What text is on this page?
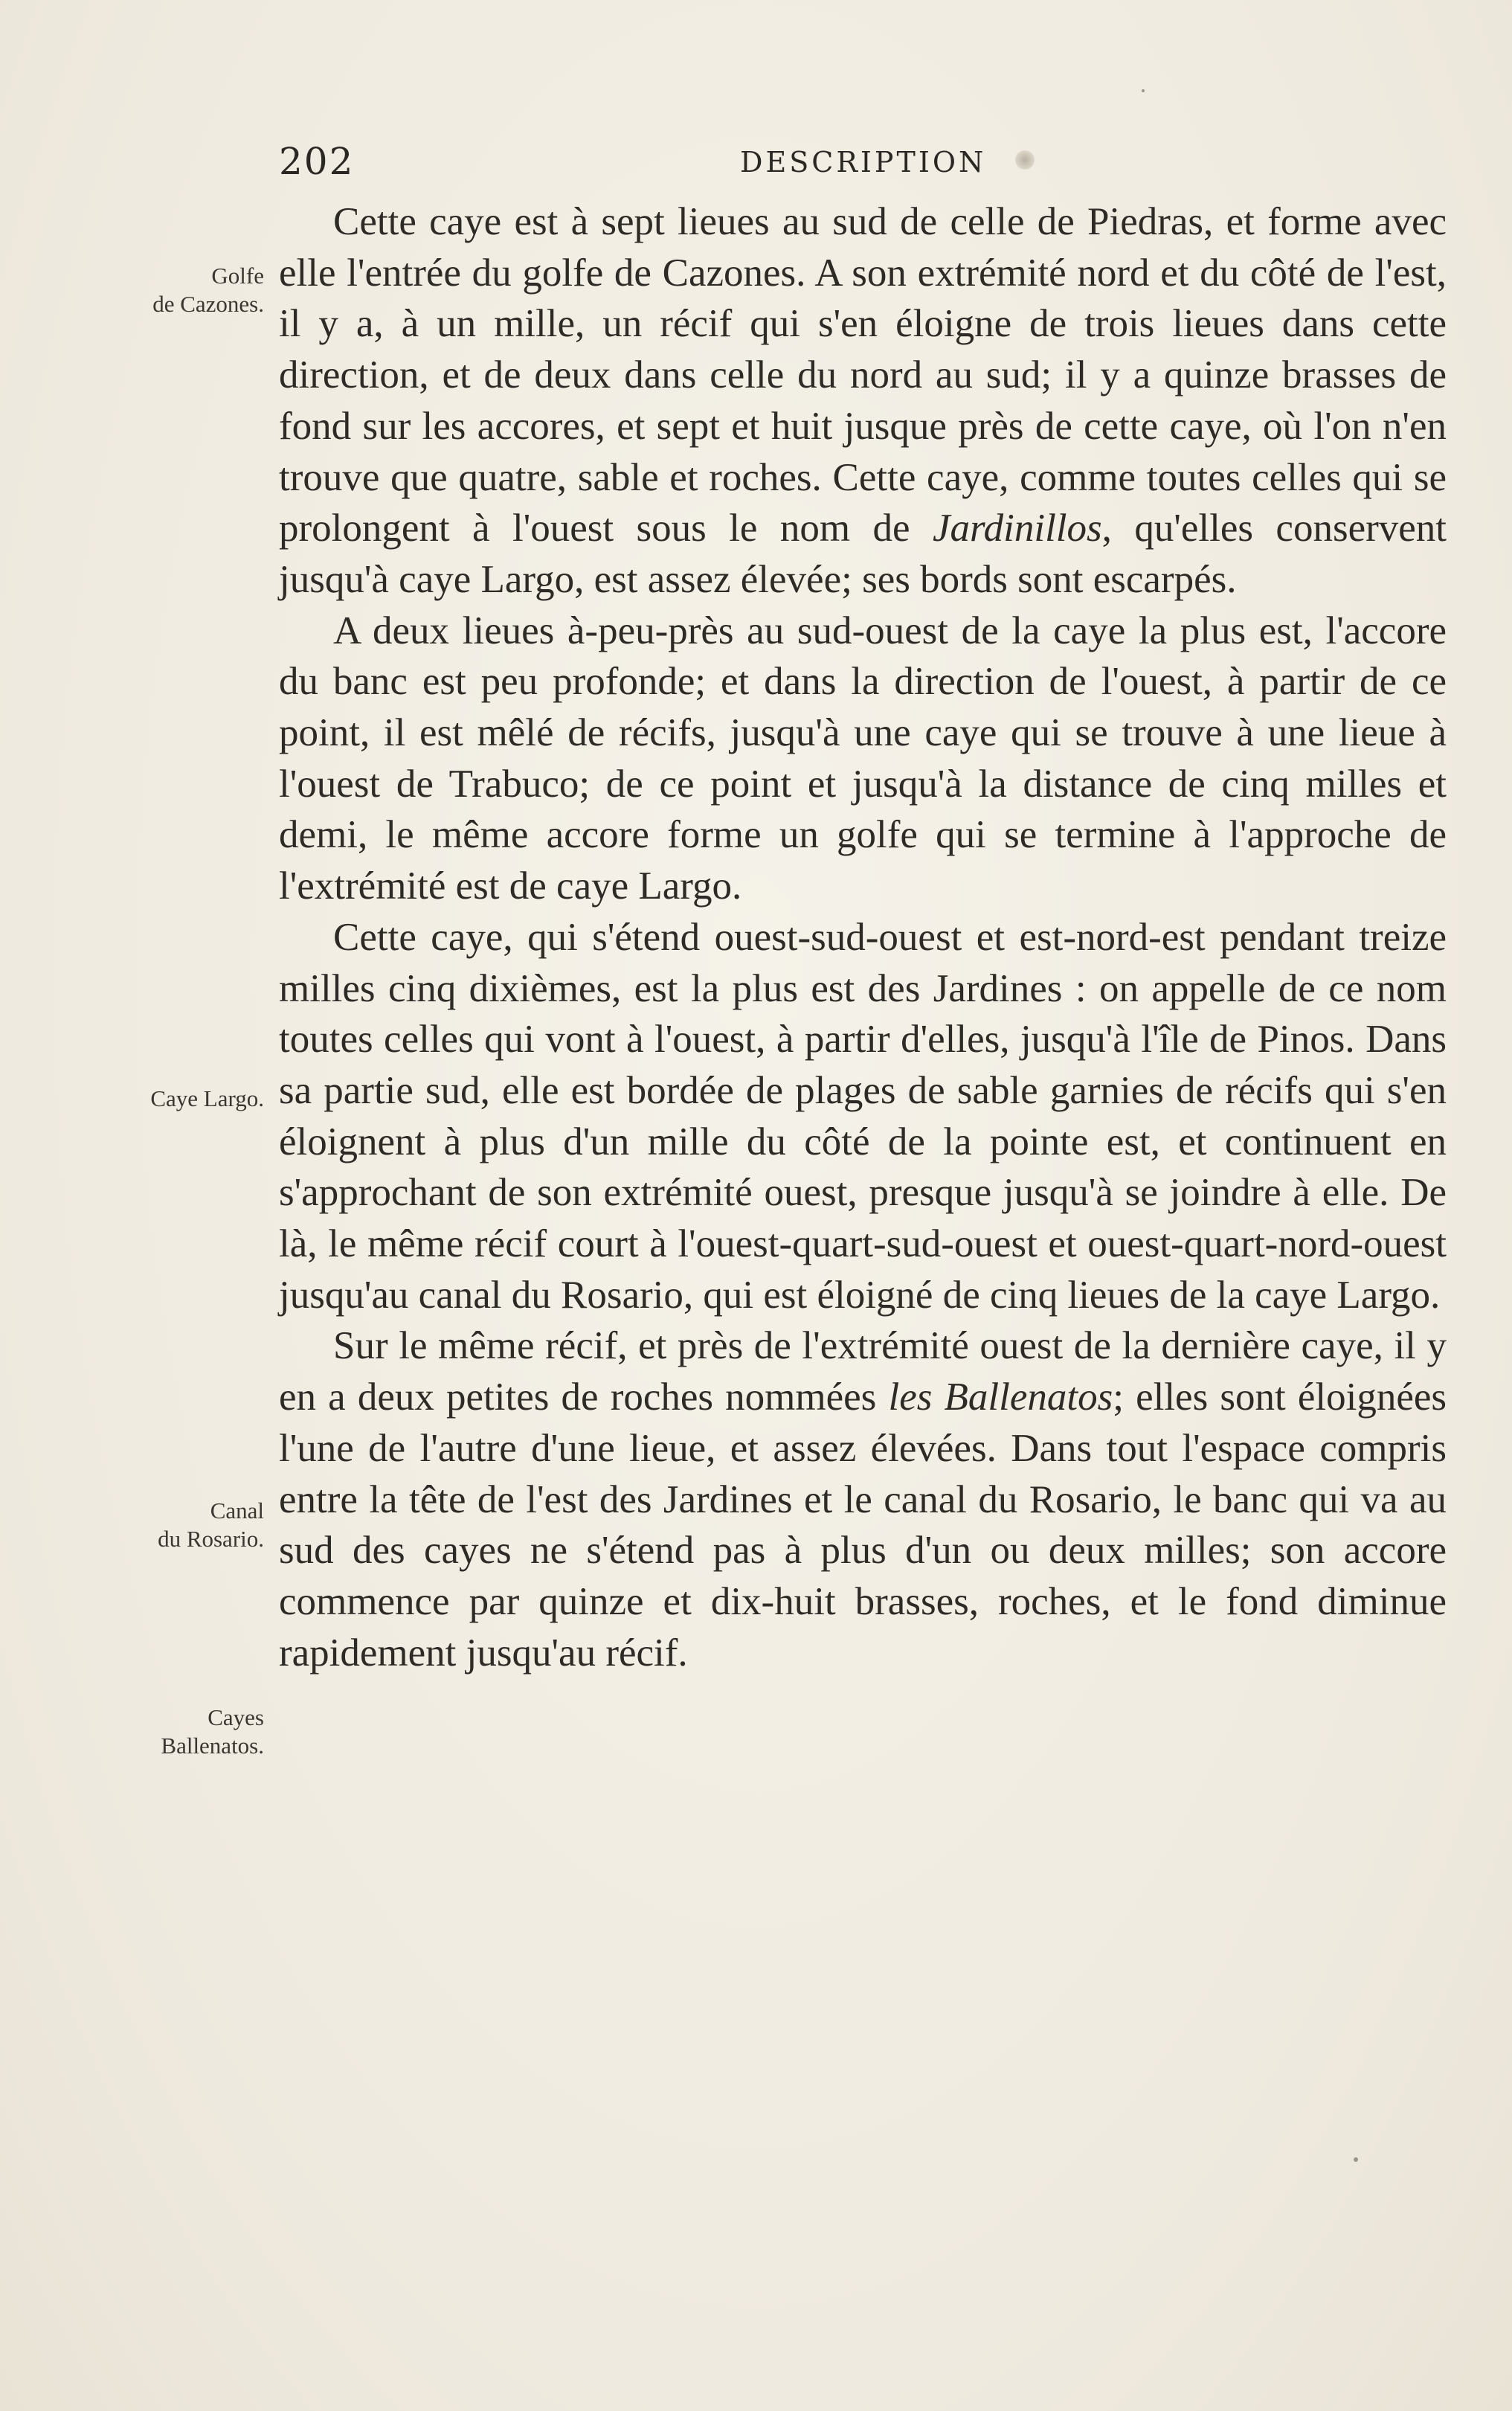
202	DESCRIPTION
Golfe
de Cazones.
Caye Largo.
Canal
du Rosario.
Cayes
Ballenatos.

Cette caye est à sept lieues au sud de celle de Piedras, et forme avec elle l'entrée du golfe de Cazones. A son extrémité nord et du côté de l'est, il y a, à un mille, un récif qui s'en éloigne de trois lieues dans cette direction, et de deux dans celle du nord au sud; il y a quinze brasses de fond sur les accores, et sept et huit jusque près de cette caye, où l'on n'en trouve que quatre, sable et roches. Cette caye, comme toutes celles qui se prolongent à l'ouest sous le nom de Jardinillos, qu'elles conservent jusqu'à caye Largo, est assez élevée; ses bords sont escarpés.

A deux lieues à-peu-près au sud-ouest de la caye la plus est, l'accore du banc est peu profonde; et dans la direction de l'ouest, à partir de ce point, il est mêlé de récifs, jusqu'à une caye qui se trouve à une lieue à l'ouest de Trabuco; de ce point et jusqu'à la distance de cinq milles et demi, le même accore forme un golfe qui se termine à l'approche de l'extrémité est de caye Largo.

Cette caye, qui s'étend ouest-sud-ouest et est-nord-est pendant treize milles cinq dixièmes, est la plus est des Jardines : on appelle de ce nom toutes celles qui vont à l'ouest, à partir d'elles, jusqu'à l'île de Pinos. Dans sa partie sud, elle est bordée de plages de sable garnies de récifs qui s'en éloignent à plus d'un mille du côté de la pointe est, et continuent en s'approchant de son extrémité ouest, presque jusqu'à se joindre à elle. De là, le même récif court à l'ouest-quart-sud-ouest et ouest-quart-nord-ouest jusqu'au canal du Rosario, qui est éloigné de cinq lieues de la caye Largo.

Sur le même récif, et près de l'extrémité ouest de la dernière caye, il y en a deux petites de roches nommées les Ballenatos; elles sont éloignées l'une de l'autre d'une lieue, et assez élevées. Dans tout l'espace compris entre la tête de l'est des Jardines et le canal du Rosario, le banc qui va au sud des cayes ne s'étend pas à plus d'un ou deux milles; son accore commence par quinze et dix-huit brasses, roches, et le fond diminue rapidement jusqu'au récif.
